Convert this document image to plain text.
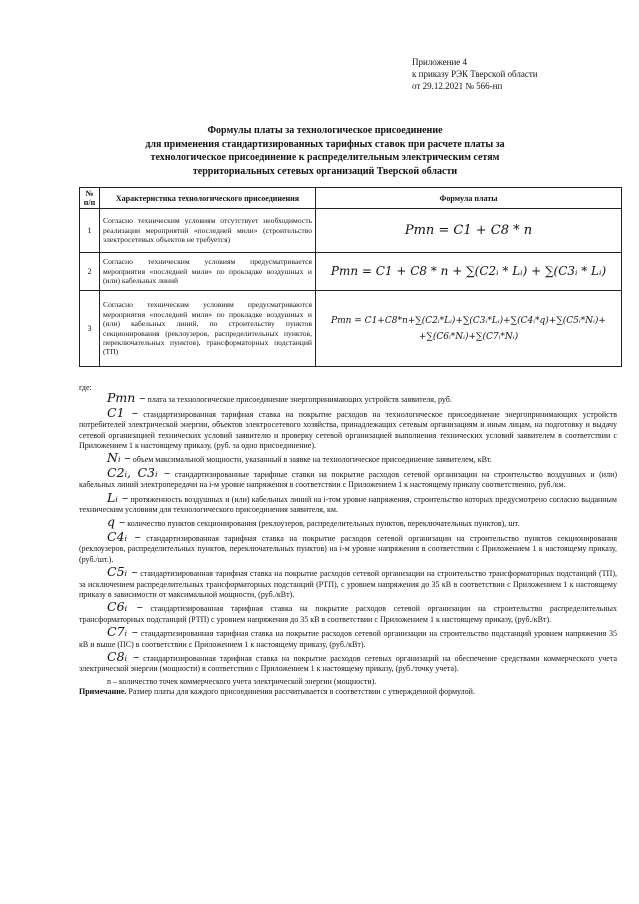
Приложение 4
к приказу РЭК Тверской области
от 29.12.2021 № 566-нп
Формулы платы за технологическое присоединение
для применения стандартизированных тарифных ставок при расчете платы за
технологическое присоединение к распределительным электрическим сетям
территориальных сетевых организаций Тверской области
№ п/п	Характеристика технологического присоединения	Формула платы
1	Согласно техническим условиям отсутствует необходимость реализации мероприятий «последней мили» (строительство электросетевых объектов не требуется)	Pтп = C1 + C8 * n
2	Согласно техническим условиям предусматривается мероприятия «последней мили» по прокладке воздушных и (или) кабельных линий	Pтп = C1 + C8 * n + ∑(C2ᵢ * Lᵢ) + ∑(C3ᵢ * Lᵢ)
3	Согласно техническим условиям предусматриваются мероприятия «последней мили» по прокладке воздушных и (или) кабельных линий, по строительству пунктов секционирования (реклоузеров, распределительных пунктов, переключательных пунктов), трансформаторных подстанций (ТП)	Pтп = C1+C8*n+∑(C2ᵢ*Lᵢ)+∑(C3ᵢ*Lᵢ)+∑(C4ᵢ*q)+∑(C5ᵢ*Nᵢ)+
+∑(C6ᵢ*Nᵢ)+∑(C7ᵢ*Nᵢ)

где:

Pтп – плата за технологическое присоединение энергопринимающих устройств заявителя, руб.

C1 – стандартизированная тарифная ставка на покрытие расходов на технологическое присоединение энергопринимающих устройств потребителей электрической энергии, объектов электросетевого хозяйства, принадлежащих сетевым организациям и иным лицам, на подготовку и выдачу сетевой организацией технических условий заявителю и проверку сетевой организацией выполнения технических условий заявителем в соответствии с Приложением 1 к настоящему приказу, (руб. за одно присоединение).

Nᵢ – объем максимальной мощности, указанный в заявке на технологическое присоединение заявителем, кВт.

C2ᵢ, C3ᵢ – стандартизированные тарифные ставки на покрытие расходов сетевой организации на строительство воздушных и (или) кабельных линий электропередачи на i-м уровне напряжения в соответствии с Приложением 1 к настоящему приказу соответственно, руб./км.

Lᵢ – протяженность воздушных и (или) кабельных линий на i-том уровне напряжения, строительство которых предусмотрено согласно выданным техническим условиям для технологического присоединения заявителя, км.

q – количество пунктов секционирования (реклоузеров, распределительных пунктов, переключательных пунктов), шт.

C4ᵢ – стандартизированная тарифная ставка на покрытие расходов сетевой организации на строительство пунктов секционирования (реклоузеров, распределительных пунктов, переключательных пунктов) на i-м уровне напряжения в соответствии с Приложением 1 к настоящему приказу, (руб./шт.).

C5ᵢ – стандартизированная тарифная ставка на покрытие расходов сетевой организации на строительство трансформаторных подстанций (ТП), за исключением распределительных трансформаторных подстанций (РТП), с уровнем напряжения до 35 кВ в соответствии с Приложением 1 к настоящему приказу в зависимости от максимальной мощности, (руб./кВт).

C6ᵢ – стандартизированная тарифная ставка на покрытие расходов сетевой организации на строительство распределительных трансформаторных подстанций (РТП) с уровнем напряжения до 35 кВ в соответствии с Приложением 1 к настоящему приказу, (руб./кВт).

C7ᵢ – стандартизированная тарифная ставка на покрытие расходов сетевой организации на строительство подстанций уровнем напряжения 35 кВ и выше (ПС) в соответствии с Приложением 1 к настоящему приказу, (руб./кВт).

C8ᵢ – стандартизированная тарифная ставка на покрытие расходов сетевых организаций на обеспечение средствами коммерческого учета электрической энергии (мощности) в соответствии с Приложением 1 к настоящему приказу, (руб./точку учета).

n – количество точек коммерческого учета электрической энергии (мощности).

Примечание. Размер платы для каждого присоединения рассчитывается в соответствии с утвержденной формулой.
